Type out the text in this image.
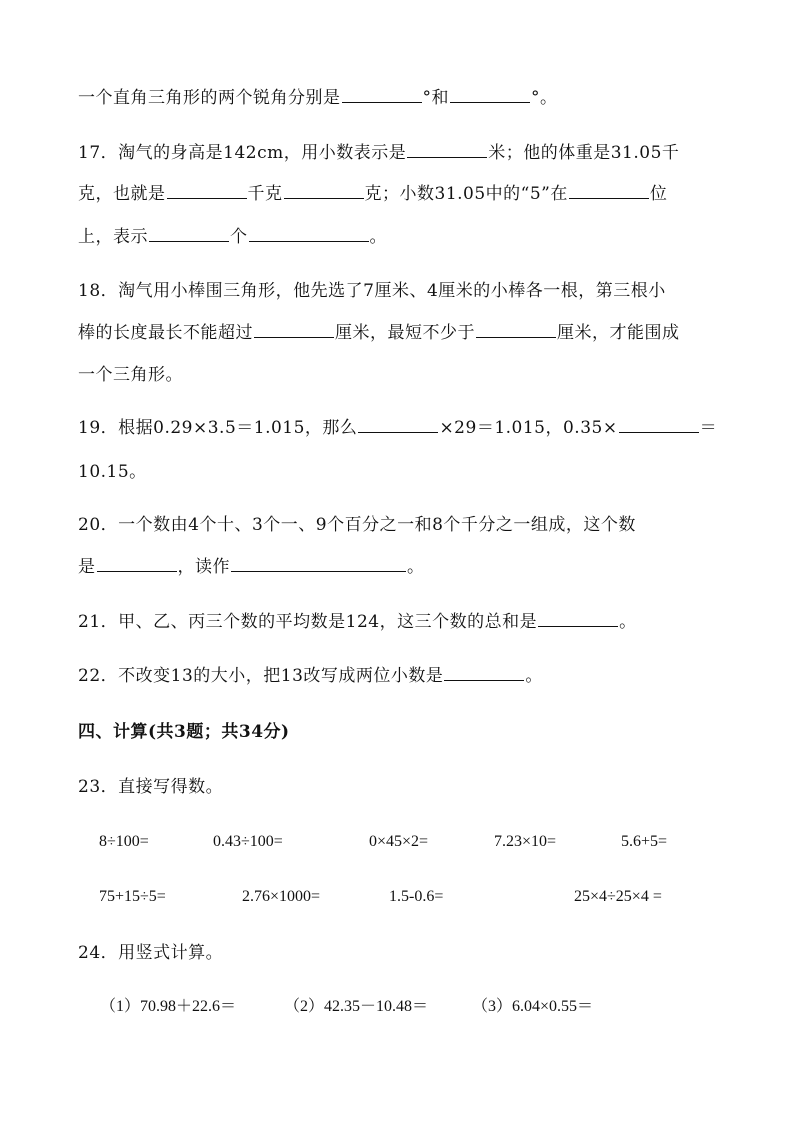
一个直角三角形的两个锐角分别是	°和	°。
17．淘气的身高是142cm，用小数表示是	米；他的体重是31.05千
克，也就是	千克	克；小数31.05中的“5”在	位
上，表示	个	。
18．淘气用小棒围三角形，他先选了7厘米、4厘米的小棒各一根，第三根小
棒的长度最长不能超过	厘米，最短不少于	厘米，才能围成
一个三角形。
19．根据0.29×3.5＝1.015，那么	×29＝1.015，0.35×	＝
10.15。
20．一个数由4个十、3个一、9个百分之一和8个千分之一组成，这个数
是	，读作	。
21．甲、乙、丙三个数的平均数是124，这三个数的总和是	。
22．不改变13的大小，把13改写成两位小数是	。
四、计算(共3题；共34分)
23．直接写得数。
8÷100=	0.43÷100=	0×45×2=	7.23×10=	5.6+5=
75+15÷5=	2.76×1000=	1.5-0.6=	25×4÷25×4 =
24．用竖式计算。
（1）70.98＋22.6＝	（2）42.35－10.48＝	（3）6.04×0.55＝
